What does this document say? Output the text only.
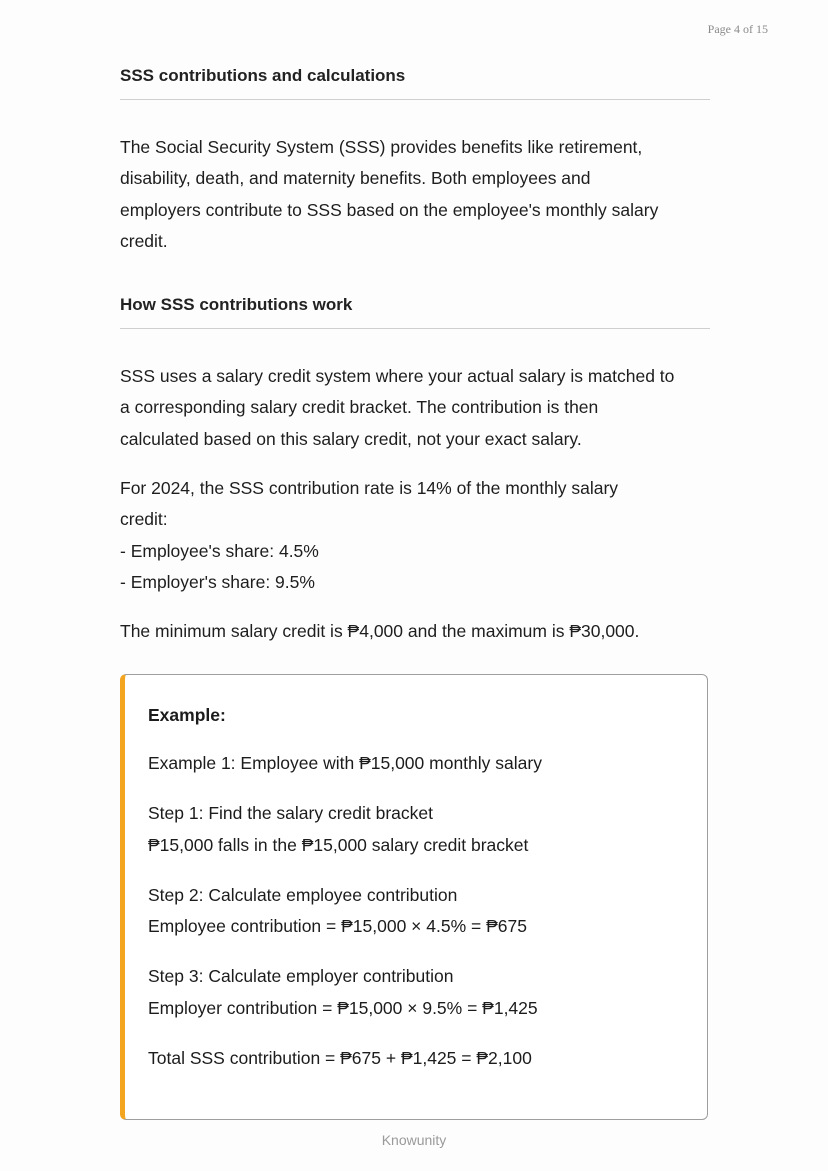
Page 4 of 15
SSS contributions and calculations

The Social Security System (SSS) provides benefits like retirement,

disability, death, and maternity benefits. Both employees and

employers contribute to SSS based on the employee's monthly salary

credit.

How SSS contributions work

SSS uses a salary credit system where your actual salary is matched to

a corresponding salary credit bracket. The contribution is then

calculated based on this salary credit, not your exact salary.

For 2024, the SSS contribution rate is 14% of the monthly salary

credit:

- Employee's share: 4.5%

- Employer's share: 9.5%

The minimum salary credit is ₱4,000 and the maximum is ₱30,000.

Example:

Example 1: Employee with ₱15,000 monthly salary

Step 1: Find the salary credit bracket

₱15,000 falls in the ₱15,000 salary credit bracket

Step 2: Calculate employee contribution

Employee contribution = ₱15,000 × 4.5% = ₱675

Step 3: Calculate employer contribution

Employer contribution = ₱15,000 × 9.5% = ₱1,425

Total SSS contribution = ₱675 + ₱1,425 = ₱2,100

Knowunity
